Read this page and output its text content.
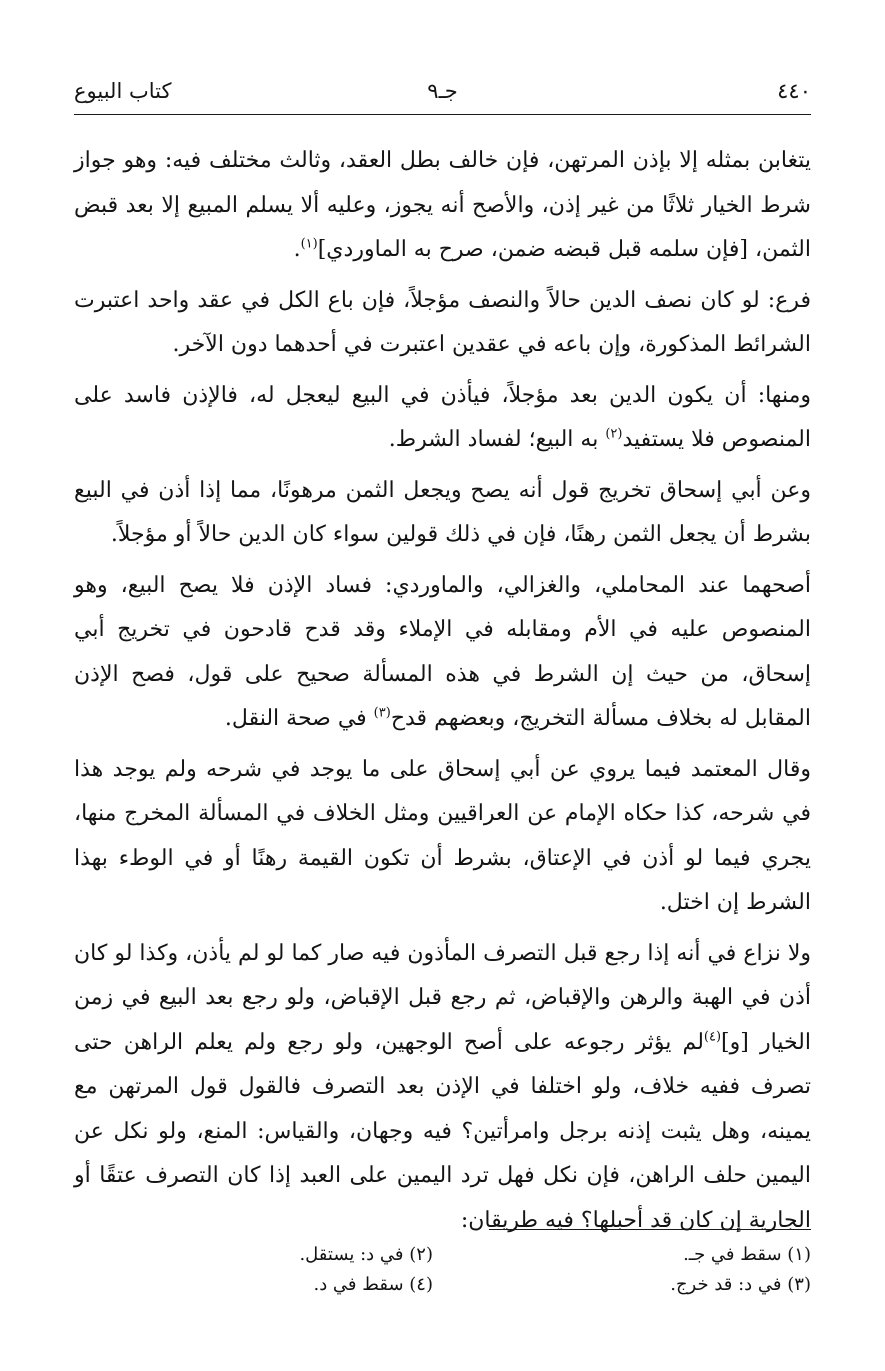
٤٤٠
جـ٩
كتاب البيوع

يتغابن بمثله إلا بإذن المرتهن، فإن خالف بطل العقد، وثالث مختلف فيه: وهو جواز شرط الخيار ثلاثًا من غير إذن، والأصح أنه يجوز، وعليه ألا يسلم المبيع إلا بعد قبض الثمن، [فإن سلمه قبل قبضه ضمن، صرح به الماوردي]$^{(١)}$.

فرع: لو كان نصف الدين حالاً والنصف مؤجلاً، فإن باع الكل في عقد واحد اعتبرت الشرائط المذكورة، وإن باعه في عقدين اعتبرت في أحدهما دون الآخر.

ومنها: أن يكون الدين بعد مؤجلاً، فيأذن في البيع ليعجل له، فالإذن فاسد على المنصوص فلا يستفيد$^{(٢)}$ به البيع؛ لفساد الشرط.

وعن أبي إسحاق تخريج قول أنه يصح ويجعل الثمن مرهونًا، مما إذا أذن في البيع بشرط أن يجعل الثمن رهنًا، فإن في ذلك قولين سواء كان الدين حالاً أو مؤجلاً.

أصحهما عند المحاملي، والغزالي، والماوردي: فساد الإذن فلا يصح البيع، وهو المنصوص عليه في الأم ومقابله في الإملاء وقد قدح قادحون في تخريج أبي إسحاق، من حيث إن الشرط في هذه المسألة صحيح على قول، فصح الإذن المقابل له بخلاف مسألة التخريج، وبعضهم قدح$^{(٣)}$ في صحة النقل.

وقال المعتمد فيما يروي عن أبي إسحاق على ما يوجد في شرحه ولم يوجد هذا في شرحه، كذا حكاه الإمام عن العراقيين ومثل الخلاف في المسألة المخرج منها، يجري فيما لو أذن في الإعتاق، بشرط أن تكون القيمة رهنًا أو في الوطء بهذا الشرط إن اختل.

ولا نزاع في أنه إذا رجع قبل التصرف المأذون فيه صار كما لو لم يأذن، وكذا لو كان أذن في الهبة والرهن والإقباض، ثم رجع قبل الإقباض، ولو رجع بعد البيع في زمن الخيار [و]$^{(٤)}$لم يؤثر رجوعه على أصح الوجهين، ولو رجع ولم يعلم الراهن حتى تصرف ففيه خلاف، ولو اختلفا في الإذن بعد التصرف فالقول قول المرتهن مع يمينه، وهل يثبت إذنه برجل وامرأتين؟ فيه وجهان، والقياس: المنع، ولو نكل عن اليمين حلف الراهن، فإن نكل فهل ترد اليمين على العبد إذا كان التصرف عتقًا أو الجارية إن كان قد أحبلها؟ فيه طريقان:

(١) سقط في جـ.
(٢) في د: يستقل.
(٣) في د: قد خرج.
(٤) سقط في د.
